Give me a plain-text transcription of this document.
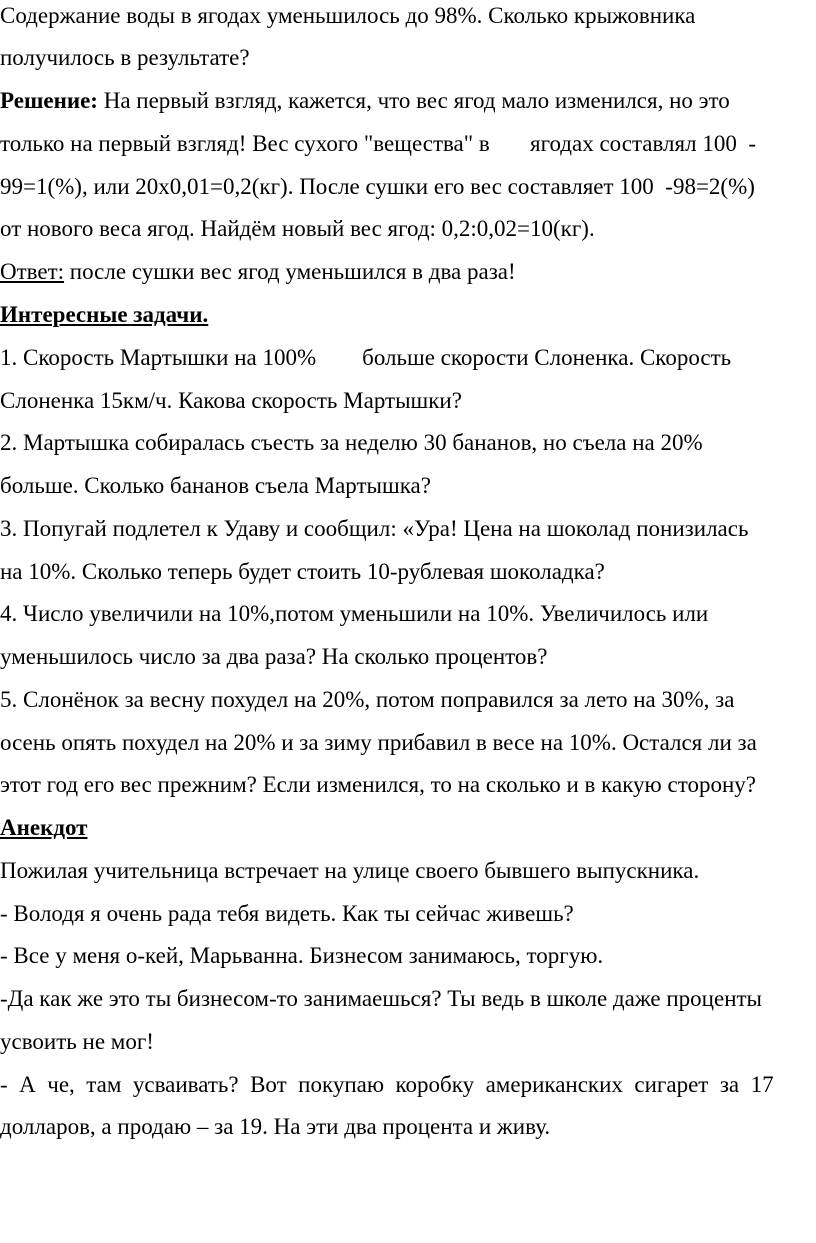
Содержание воды в ягодах уменьшилось до 98%. Сколько крыжовника
получилось в результате?
Решение: На первый взгляд, кажется, что вес ягод мало изменился, но это
только на первый взгляд! Вес сухого "вещества" в       ягодах составлял 100  -
99=1(%), или 20х0,01=0,2(кг). После сушки его вес составляет 100  -98=2(%)
от нового веса ягод. Найдём новый вес ягод: 0,2:0,02=10(кг).
Ответ: после сушки вес ягод уменьшился в два раза!
Интересные задачи.
1. Скорость Мартышки на 100%        больше скорости Слоненка. Скорость
Слоненка 15км/ч. Какова скорость Мартышки?
2. Мартышка собиралась съесть за неделю 30 бананов, но съела на 20%
больше. Сколько бананов съела Мартышка?
3. Попугай подлетел к Удаву и сообщил: «Ура! Цена на шоколад понизилась
на 10%. Сколько теперь будет стоить 10-рублевая шоколадка?
4. Число увеличили на 10%,потом уменьшили на 10%. Увеличилось или
уменьшилось число за два раза? На сколько процентов?
5. Слонёнок за весну похудел на 20%, потом поправился за лето на 30%, за
осень опять похудел на 20% и за зиму прибавил в весе на 10%. Остался ли за
этот год его вес прежним? Если изменился, то на сколько и в какую сторону?
Анекдот
Пожилая учительница встречает на улице своего бывшего выпускника.
- Володя я очень рада тебя видеть. Как ты сейчас живешь?
- Все у меня о-кей, Марьванна. Бизнесом занимаюсь, торгую.
-Да как же это ты бизнесом-то занимаешься? Ты ведь в школе даже проценты
усвоить не мог!
-  А  че,  там  усваивать?  Вот  покупаю  коробку  американских  сигарет  за  17
долларов, а продаю – за 19. На эти два процента и живу.
